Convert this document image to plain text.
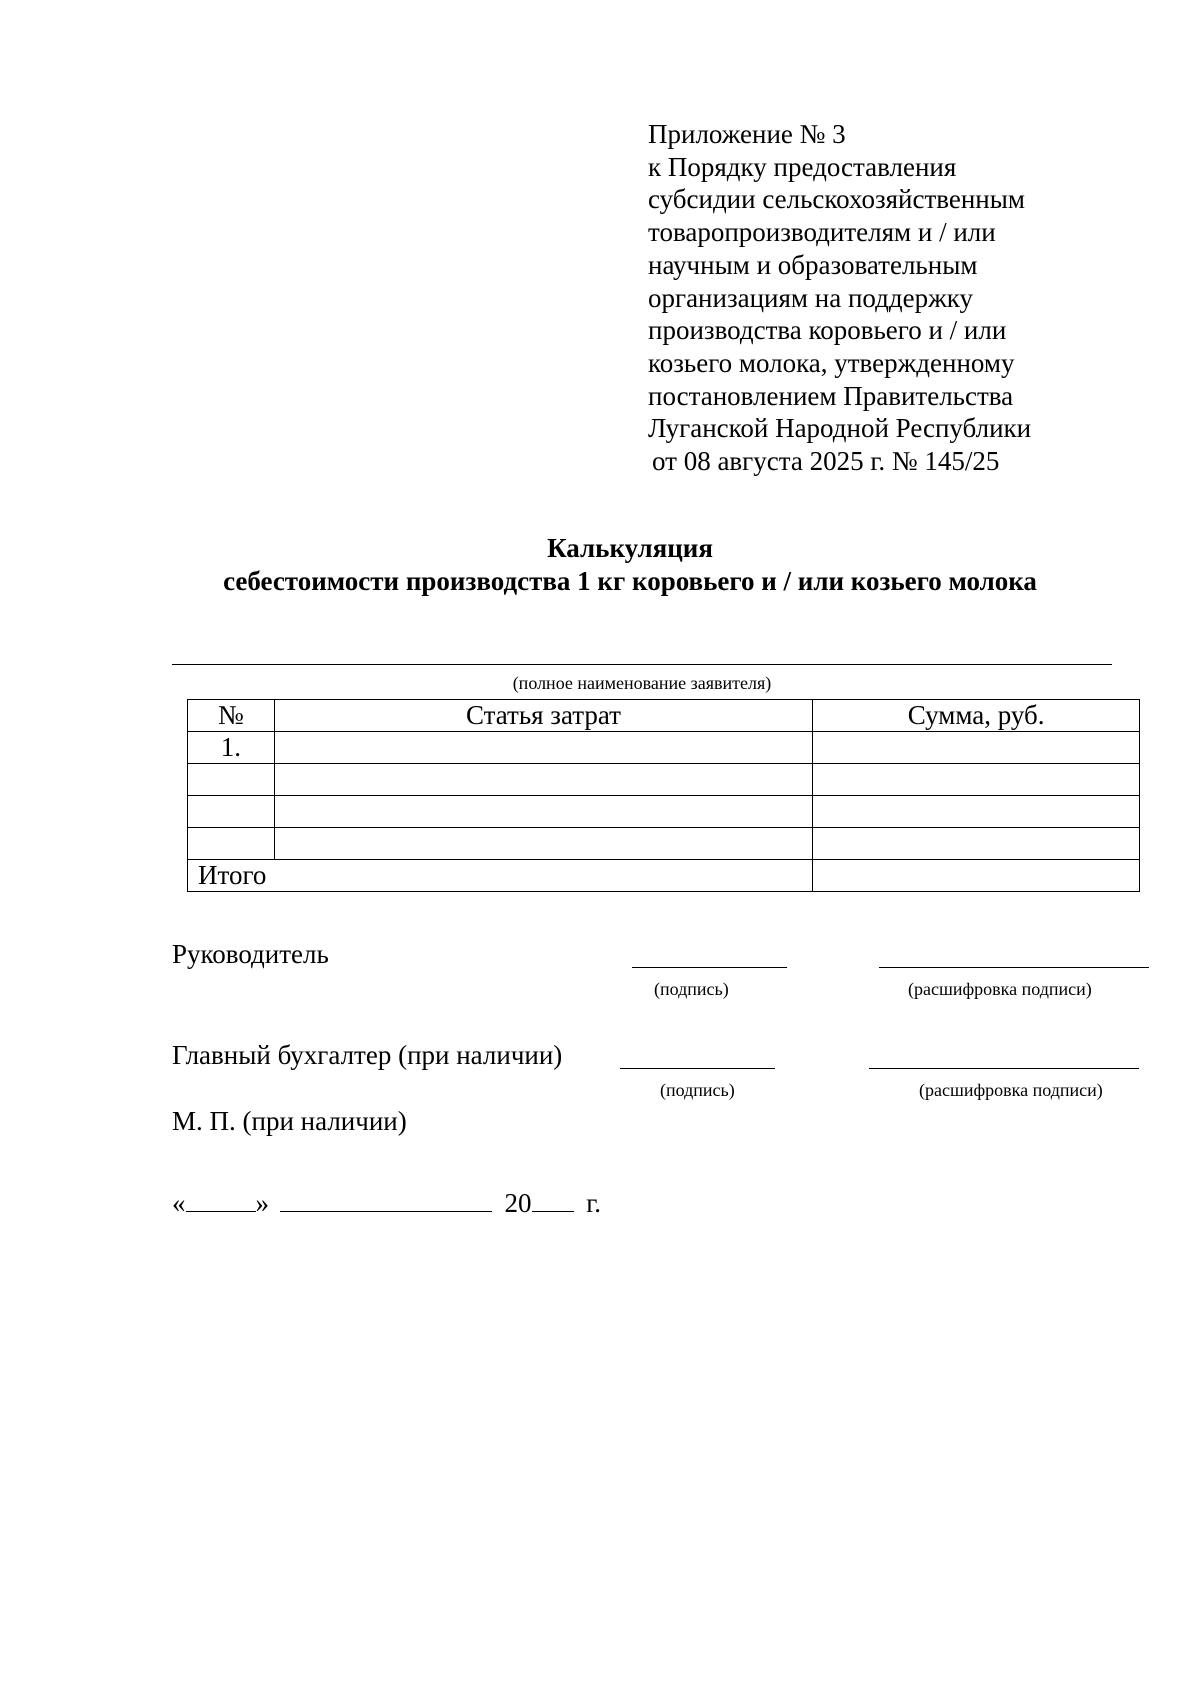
Приложение № 3
к Порядку предоставления
субсидии сельскохозяйственным
товаропроизводителям и / или
научным и образовательным
организациям на поддержку
производства коровьего и / или
козьего молока, утвержденному
постановлением Правительства
Луганской Народной Республики
от 08 августа 2025 г. № 145/25
Калькуляция
себестоимости производства 1 кг коровьего и / или козьего молока
(полное наименование заявителя)
№	Статья затрат	Сумма, руб.
1.		

Итого		
Руководитель
(подпись)	(расшифровка подписи)
Главный бухгалтер (при наличии)
(подпись)	(расшифровка подписи)
М. П. (при наличии)
«	»	20 г.
